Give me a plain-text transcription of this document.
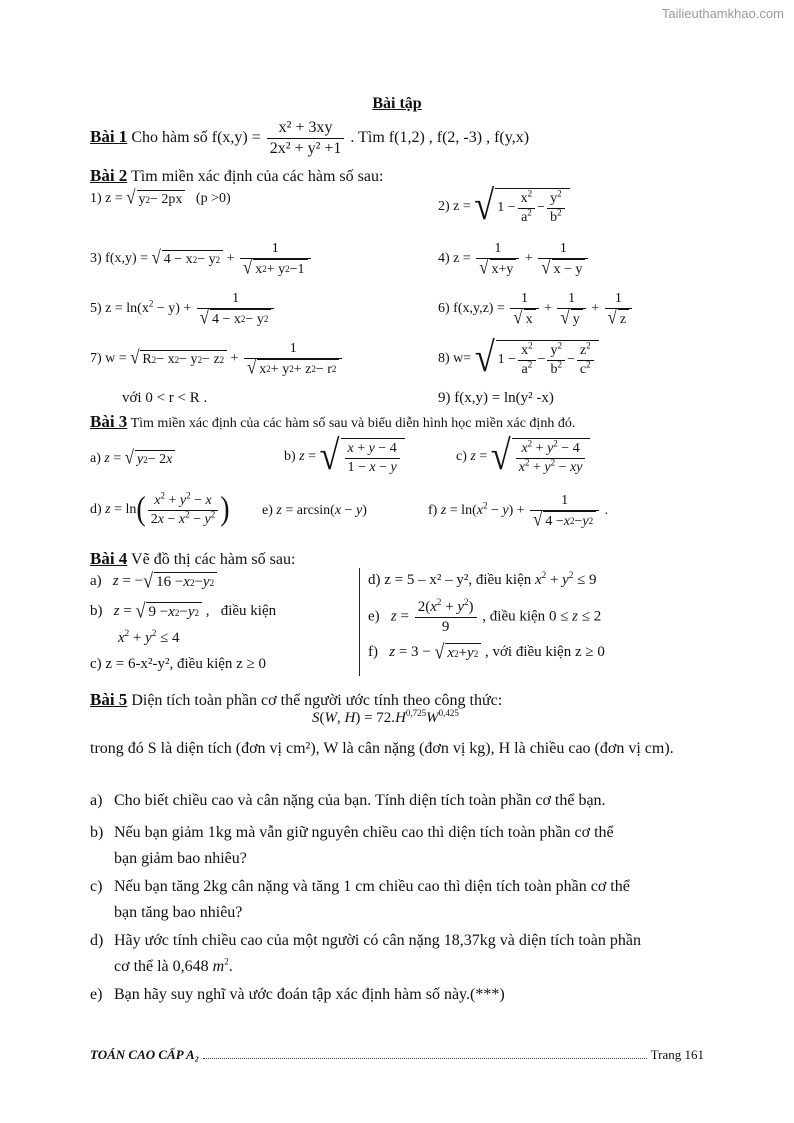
Tailieuthamkhao.com
Bài tập
Bài 1 Cho hàm số $f(x,y) = \frac{\text{x² + 3xy}}{\text{2x² + y² +1}}$ . Tìm f(1,2) , f(2, -3) , f(y,x)
Bài 2 Tìm miền xác định của các hàm số sau:
1) z = √ y 2 − 2px (p >0)
2) z = √ $1 - \frac{x^2}{a^2} - \frac{y^2}{b^2}$
3) f(x,y) = √ 4 − x 2 − y $2 + \frac{1}{√ x 2 + y 2 -1}$	4) $z = \frac{1}{√ x+y} + \frac{1}{√ x - y}$
5) $z = \ln(x^2 - y) + \frac{1}{√ 4 - x 2 - y 2}$	6) $f(x,y,z) = \frac{1}{√ x} + \frac{1}{√ y} + \frac{1}{√ z}$
7) w = √ R 2 − x 2 − y 2 − z $2 + \frac{1}{√ x 2 + y 2 + z 2 - r 2}$	8) w= √ $1 - \frac{x^2}{a^2} - \frac{y^2}{b^2} - \frac{z^2}{c^2}$
với 0 < r < R .	9) f(x,y) = ln(y² -x)
Bài 3 Tìm miền xác định của các hàm số sau và biểu diễn hình học miền xác định đó.
a) z = √ y 2 − 2 x	b) z = √ $\frac{x + y - 4}{1 - x - y}$	c) z = √ $\frac{x^2 + y^2 - 4}{x^2 + y^2 - xy}$
d) $z = \ln( \frac{x^2 + y^2 - x}{2x - x^2 - y^2}$ ) e) z = arcsin(x − y)	f) $z = \ln(x^2 - y) + \frac{1}{√ 4 - x 2 - y 2}$ .
Bài 4 Vẽ đồ thị các hàm số sau:
a) z = − √ 16 − x 2 − y 2
b) z = √ 9 − x 2 − y 2 ,   điều kiện
$x^2 + y^2 \le 4$
c) z = 6-x²-y², điều kiện z ≥ 0
d) z = 5 – x² – y², điều kiện $x^2 + y^2 \le 9$
e) $z = \frac{2(x^2 + y^2)}{9}$ , điều kiện 0 ≤ z ≤ 2
f) z = 3 − √ x 2 + y 2 , với điều kiện z ≥ 0
Bài 5 Diện tích toàn phần cơ thể người ước tính theo công thức:
S(W, $H) = 72.H^{0,725}W^{0,425}$
trong đó S là diện tích (đơn vị cm²), W là cân nặng (đơn vị kg), H là chiều cao (đơn vị cm).
a) Cho biết chiều cao và cân nặng của bạn. Tính diện tích toàn phần cơ thể bạn.
b) Nếu bạn giảm 1kg mà vẫn giữ nguyên chiều cao thì diện tích toàn phần cơ thể
bạn giảm bao nhiêu?
c) Nếu bạn tăng 2kg cân nặng và tăng 1 cm chiều cao thì diện tích toàn phần cơ thể
bạn tăng bao nhiêu?
d) Hãy ước tính chiều cao của một người có cân nặng 18,37kg và diện tích toàn phần
cơ thể là 0,648 $m^2$.
e) Bạn hãy suy nghĩ và ước đoán tập xác định hàm số này.(***)
TOÁN CAO CẤP A₂	Trang 161
